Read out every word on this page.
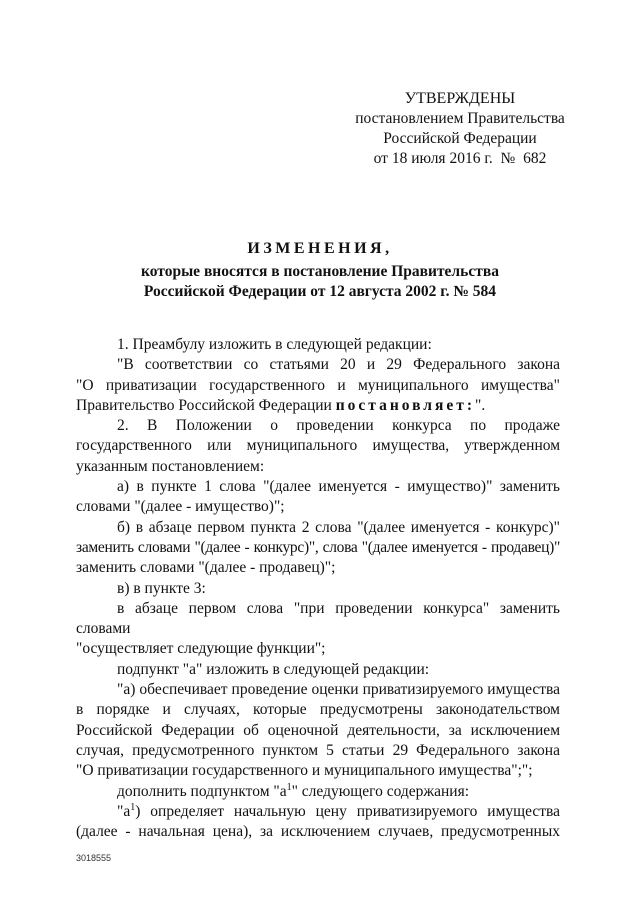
УТВЕРЖДЕНЫ
постановлением Правительства
Российской Федерации
от 18 июля 2016 г.  №  682
ИЗМЕНЕНИЯ,
которые вносятся в постановление Правительства
Российской Федерации от 12 августа 2002 г. № 584
1. Преамбулу изложить в следующей редакции:
"В соответствии со статьями 20 и 29 Федерального закона
"О приватизации государственного и муниципального имущества"
Правительство Российской Федерации постановляет:".
2. В Положении о проведении конкурса по продаже
государственного или муниципального имущества, утвержденном
указанным постановлением:
а) в пункте 1 слова "(далее именуется - имущество)" заменить
словами "(далее - имущество)";
б) в абзаце первом пункта 2 слова "(далее именуется - конкурс)"
заменить словами "(далее - конкурс)", слова "(далее именуется - продавец)"
заменить словами "(далее - продавец)";
в) в пункте 3:
в абзаце первом слова "при проведении конкурса" заменить словами
"осуществляет следующие функции";
подпункт "а" изложить в следующей редакции:
"а) обеспечивает проведение оценки приватизируемого имущества
в порядке и случаях, которые предусмотрены законодательством
Российской Федерации об оценочной деятельности, за исключением
случая, предусмотренного пунктом 5 статьи 29 Федерального закона
"О приватизации государственного и муниципального имущества";";
дополнить подпунктом "$а^1$" следующего содержания:
"$а^1$) определяет начальную цену приватизируемого имущества
(далее - начальная цена), за исключением случаев, предусмотренных
3018555
